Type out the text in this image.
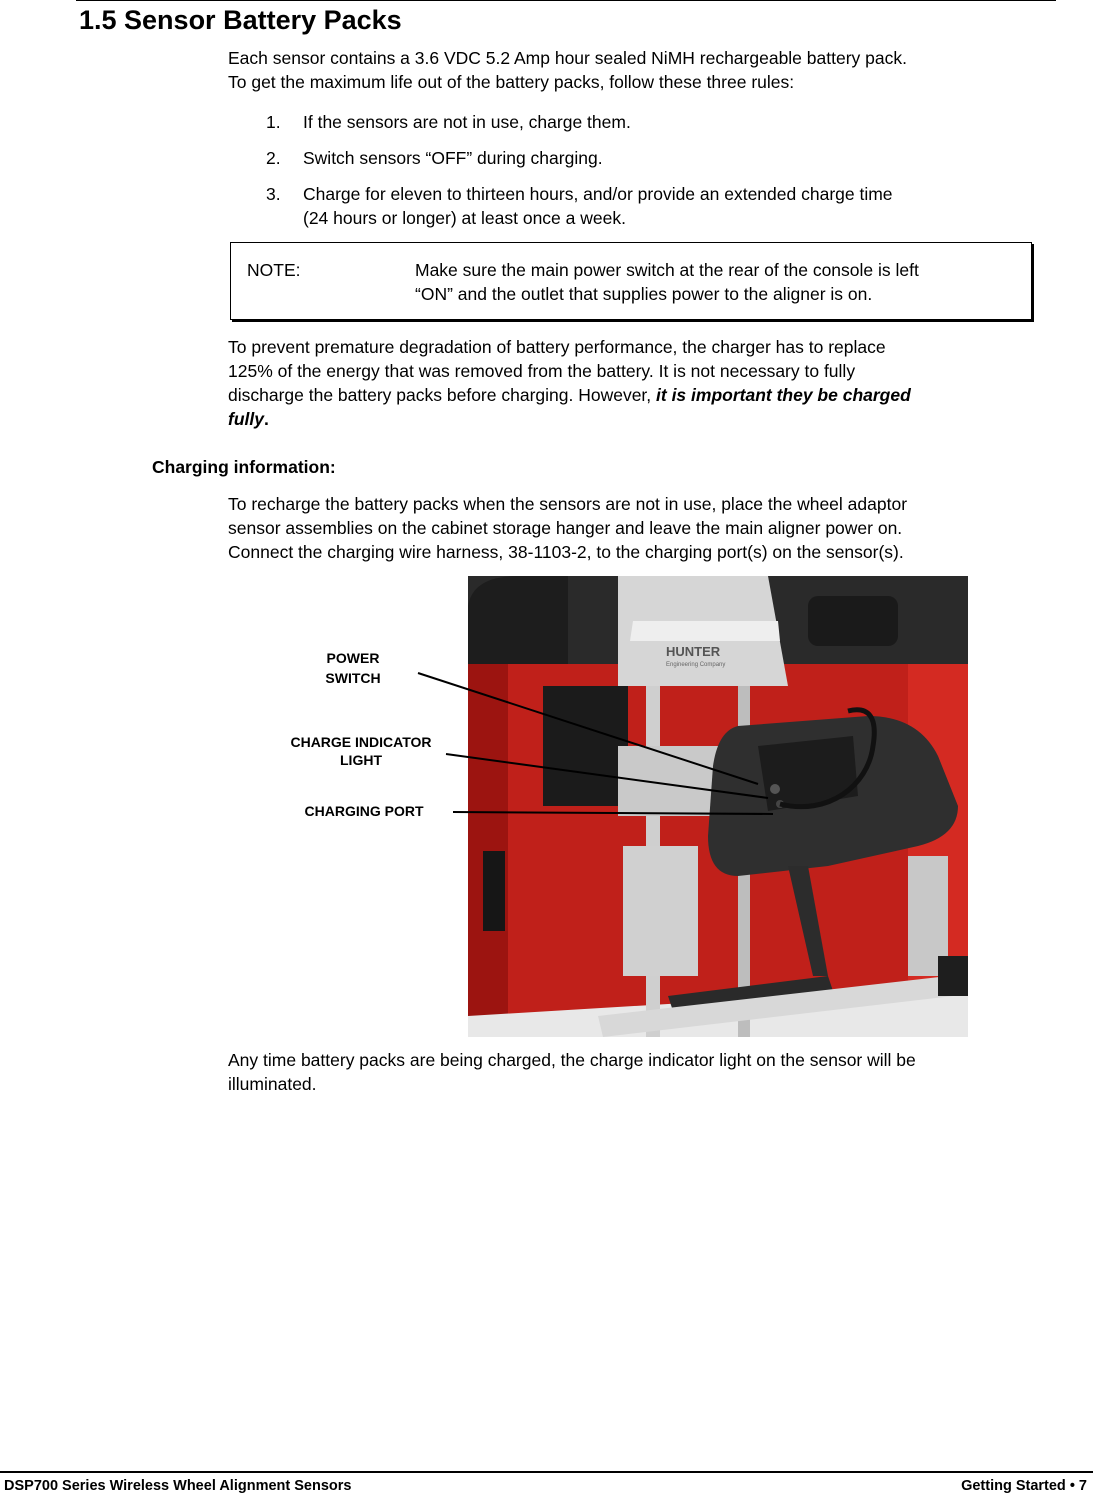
1.5 Sensor Battery Packs

Each sensor contains a 3.6 VDC 5.2 Amp hour sealed NiMH rechargeable battery pack.
To get the maximum life out of the battery packs, follow these three rules:

1. If the sensors are not in use, charge them.
2. Switch sensors “OFF” during charging.
3. Charge for eleven to thirteen hours, and/or provide an extended charge time
(24 hours or longer) at least once a week.
NOTE:	Make sure the main power switch at the rear of the console is left
“ON” and the outlet that supplies power to the aligner is on.

To prevent premature degradation of battery performance, the charger has to replace
125% of the energy that was removed from the battery. It is not necessary to fully
discharge the battery packs before charging. However, it is important they be charged
fully.

Charging information:

To recharge the battery packs when the sensors are not in use, place the wheel adaptor
sensor assemblies on the cabinet storage hanger and leave the main aligner power on.
Connect the charging wire harness, 38-1103-2, to the charging port(s) on the sensor(s).

HUNTER
Engineering Company
POWER
SWITCH
CHARGE INDICATOR
LIGHT
CHARGING PORT

Any time battery packs are being charged, the charge indicator light on the sensor will be
illuminated.

DSP700 Series Wireless Wheel Alignment Sensors	Getting Started • 7
